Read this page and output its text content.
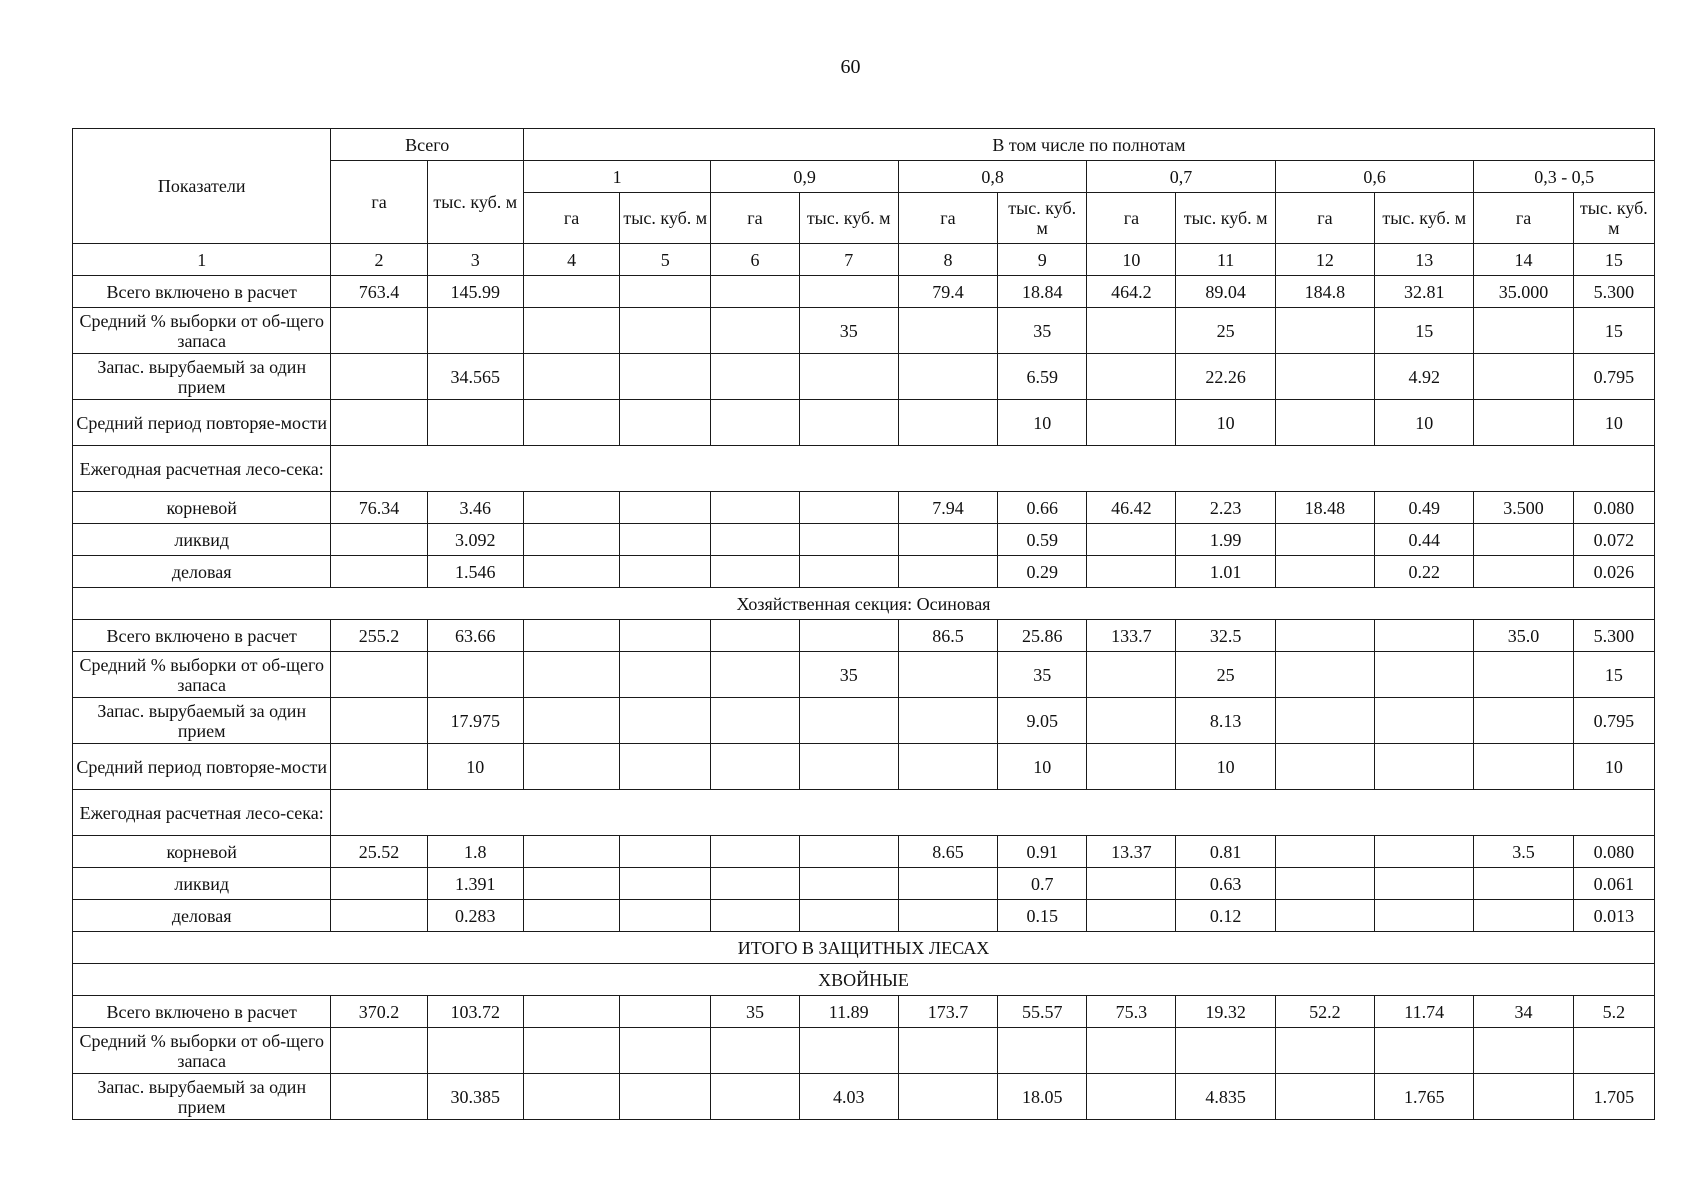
60
Показатели	Всего		В том числе по полнотам											
	га	тыс. куб. м	1		0,9		0,8		0,7		0,6		0,3 - 0,5	
			га	тыс. куб. м	га	тыс. куб. м	га	тыс. куб. м	га	тыс. куб. м	га	тыс. куб. м	га	тыс. куб. м
1	2	3	4	5	6	7	8	9	10	11	12	13	14	15
Всего включено в расчет	763.4	145.99					79.4	18.84	464.2	89.04	184.8	32.81	35.000	5.300
Средний % выборки от об-щего запаса						35		35		25		15		15
Запас. вырубаемый за один прием		34.565						6.59		22.26		4.92		0.795
Средний период повторяе-мости								10		10		10		10
Ежегодная расчетная лесо-сека:														
корневой	76.34	3.46					7.94	0.66	46.42	2.23	18.48	0.49	3.500	0.080
ликвид		3.092						0.59		1.99		0.44		0.072
деловая		1.546						0.29		1.01		0.22		0.026
Хозяйственная секция: Осиновая														
Всего включено в расчет	255.2	63.66					86.5	25.86	133.7	32.5			35.0	5.300
Средний % выборки от об-щего запаса						35		35		25				15
Запас. вырубаемый за один прием		17.975						9.05		8.13				0.795
Средний период повторяе-мости		10						10		10				10
Ежегодная расчетная лесо-сека:														
корневой	25.52	1.8					8.65	0.91	13.37	0.81			3.5	0.080
ликвид		1.391						0.7		0.63				0.061
деловая		0.283						0.15		0.12				0.013
ИТОГО В ЗАЩИТНЫХ ЛЕСАХ														
ХВОЙНЫЕ														
Всего включено в расчет	370.2	103.72			35	11.89	173.7	55.57	75.3	19.32	52.2	11.74	34	5.2
Средний % выборки от об-щего запаса														
Запас. вырубаемый за один прием		30.385				4.03		18.05		4.835		1.765		1.705
